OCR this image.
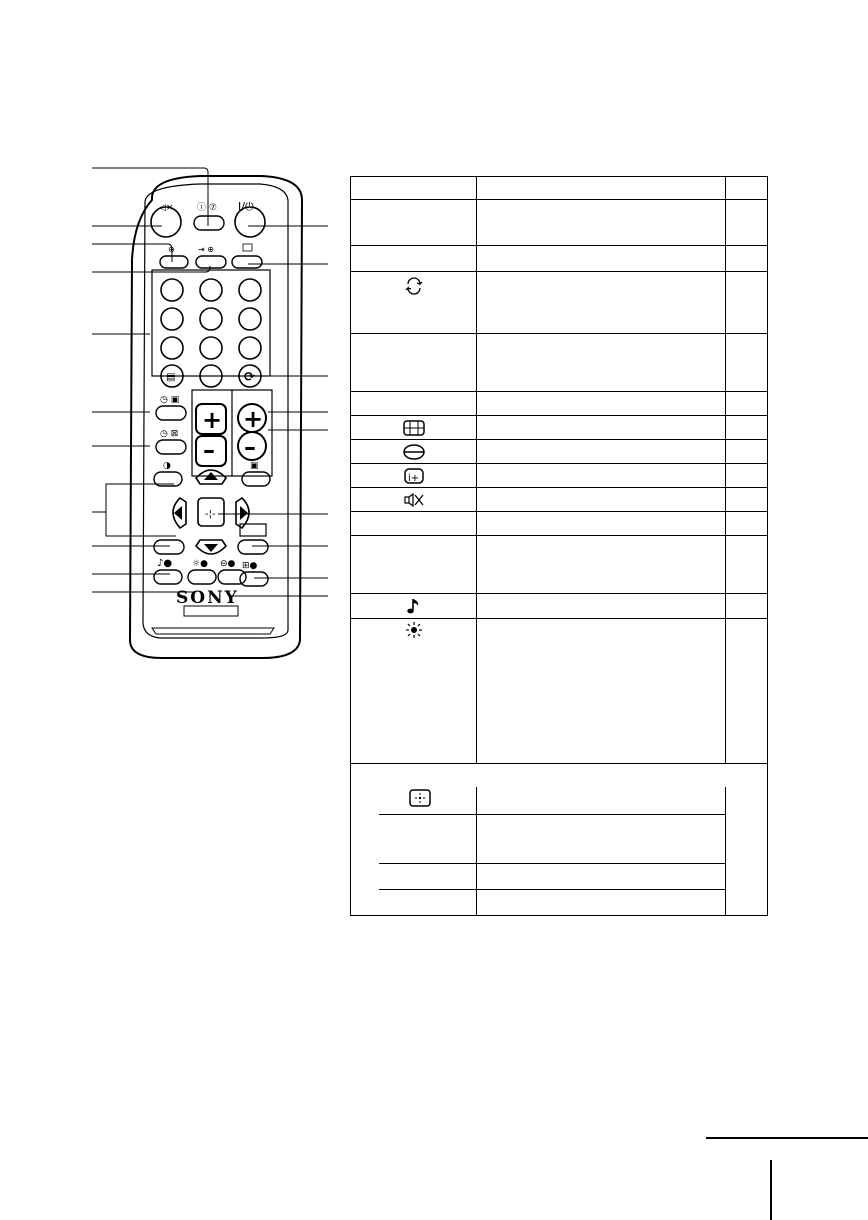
◁×	ⓘ ⑦ I/⏻
⊕	⇥ ⊕
▤	⟳
+
–
+
–
◷ ▣
◷ ⊠
◑	▣
-¦-
♪● ☼● ⊖● ⊞●
SONY
i+
